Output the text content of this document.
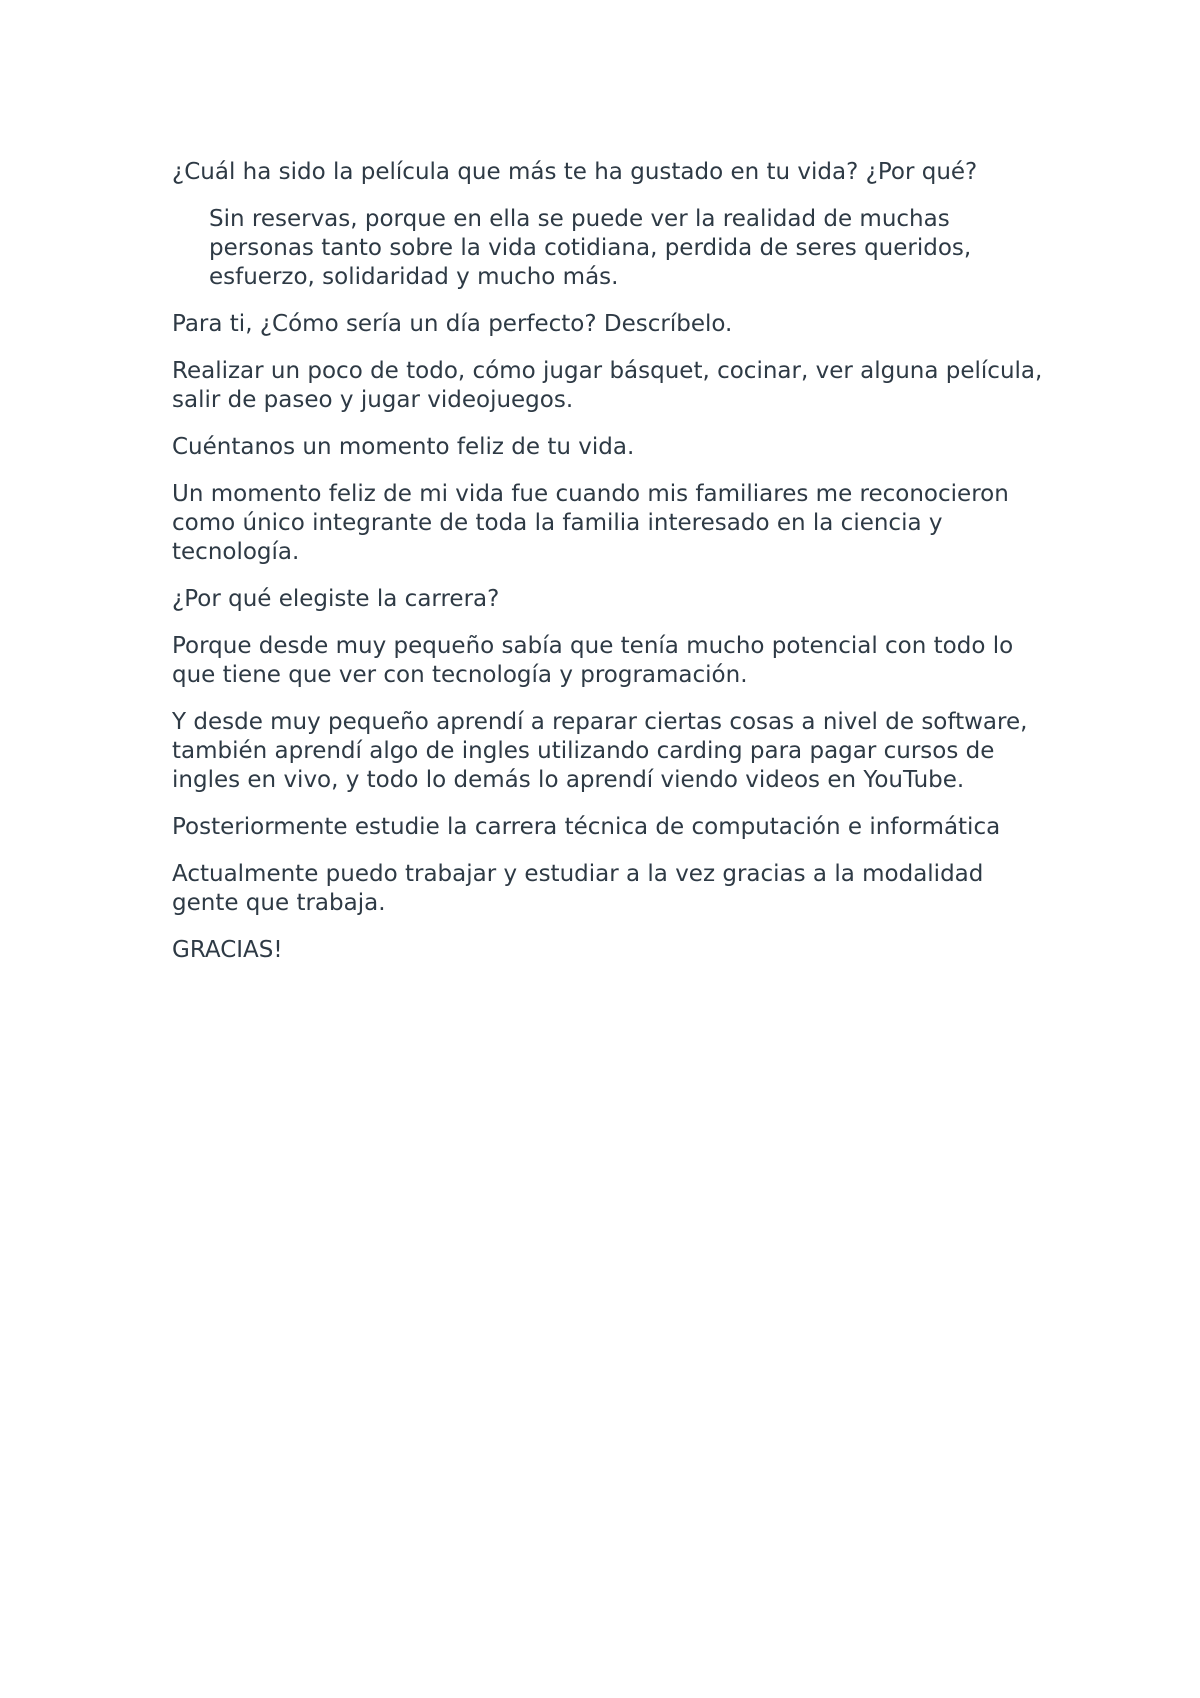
¿Cuál ha sido la película que más te ha gustado en tu vida? ¿Por qué?

Sin reservas, porque en ella se puede ver la realidad de muchas personas tanto sobre la vida cotidiana, perdida de seres queridos, esfuerzo, solidaridad y mucho más.

Para ti, ¿Cómo sería un día perfecto? Descríbelo.

Realizar un poco de todo, cómo jugar básquet, cocinar, ver alguna película, salir de paseo y jugar videojuegos.

Cuéntanos un momento feliz de tu vida.

Un momento feliz de mi vida fue cuando mis familiares me reconocieron como único integrante de toda la familia interesado en la ciencia y tecnología.

¿Por qué elegiste la carrera?

Porque desde muy pequeño sabía que tenía mucho potencial con todo lo que tiene que ver con tecnología y programación.

Y desde muy pequeño aprendí a reparar ciertas cosas a nivel de software, también aprendí algo de ingles utilizando carding para pagar cursos de ingles en vivo, y todo lo demás lo aprendí viendo videos en YouTube.

Posteriormente estudie la carrera técnica de computación e informática

Actualmente puedo trabajar y estudiar a la vez gracias a la modalidad gente que trabaja.

GRACIAS!
